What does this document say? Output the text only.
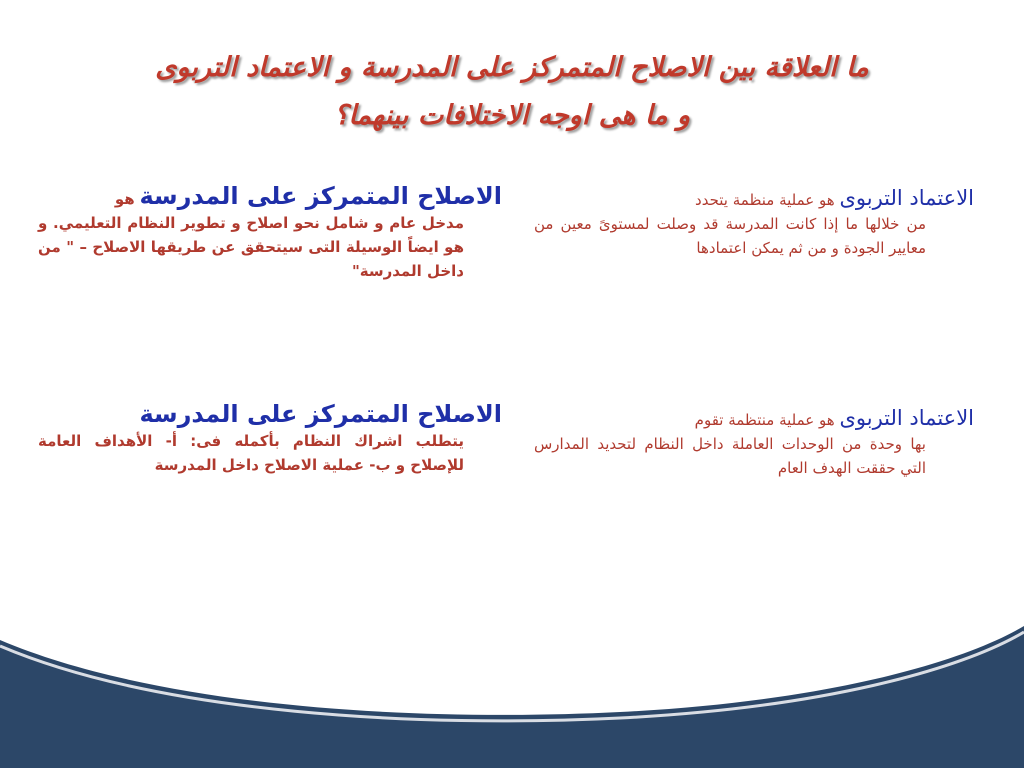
ما العلاقة بين الاصلاح المتمركز على المدرسة و الاعتماد التربوى
و ما هى اوجه الاختلافات بينهما؟
الاعتماد التربوى هو عملية منظمة يتحدد
من خلالها ما إذا كانت المدرسة قد وصلت لمستوىً معين من معايير الجودة و من ثم يمكن اعتمادها
الاعتماد التربوى هو عملية منتظمة تقوم
بها وحدة من الوحدات العاملة داخل النظام لتحديد المدارس التي حققت الهدف العام
الاصلاح المتمركز على المدرسة هو
مدخل عام و شامل نحو اصلاح و تطوير النظام التعليمي. و هو ايضاً الوسيلة التى سيتحقق عن طريقها الاصلاح – " من داخل المدرسة"
الاصلاح المتمركز على المدرسة
يتطلب اشراك النظام بأكمله فى: أ- الأهداف العامة للإصلاح و ب- عملية الاصلاح داخل المدرسة
